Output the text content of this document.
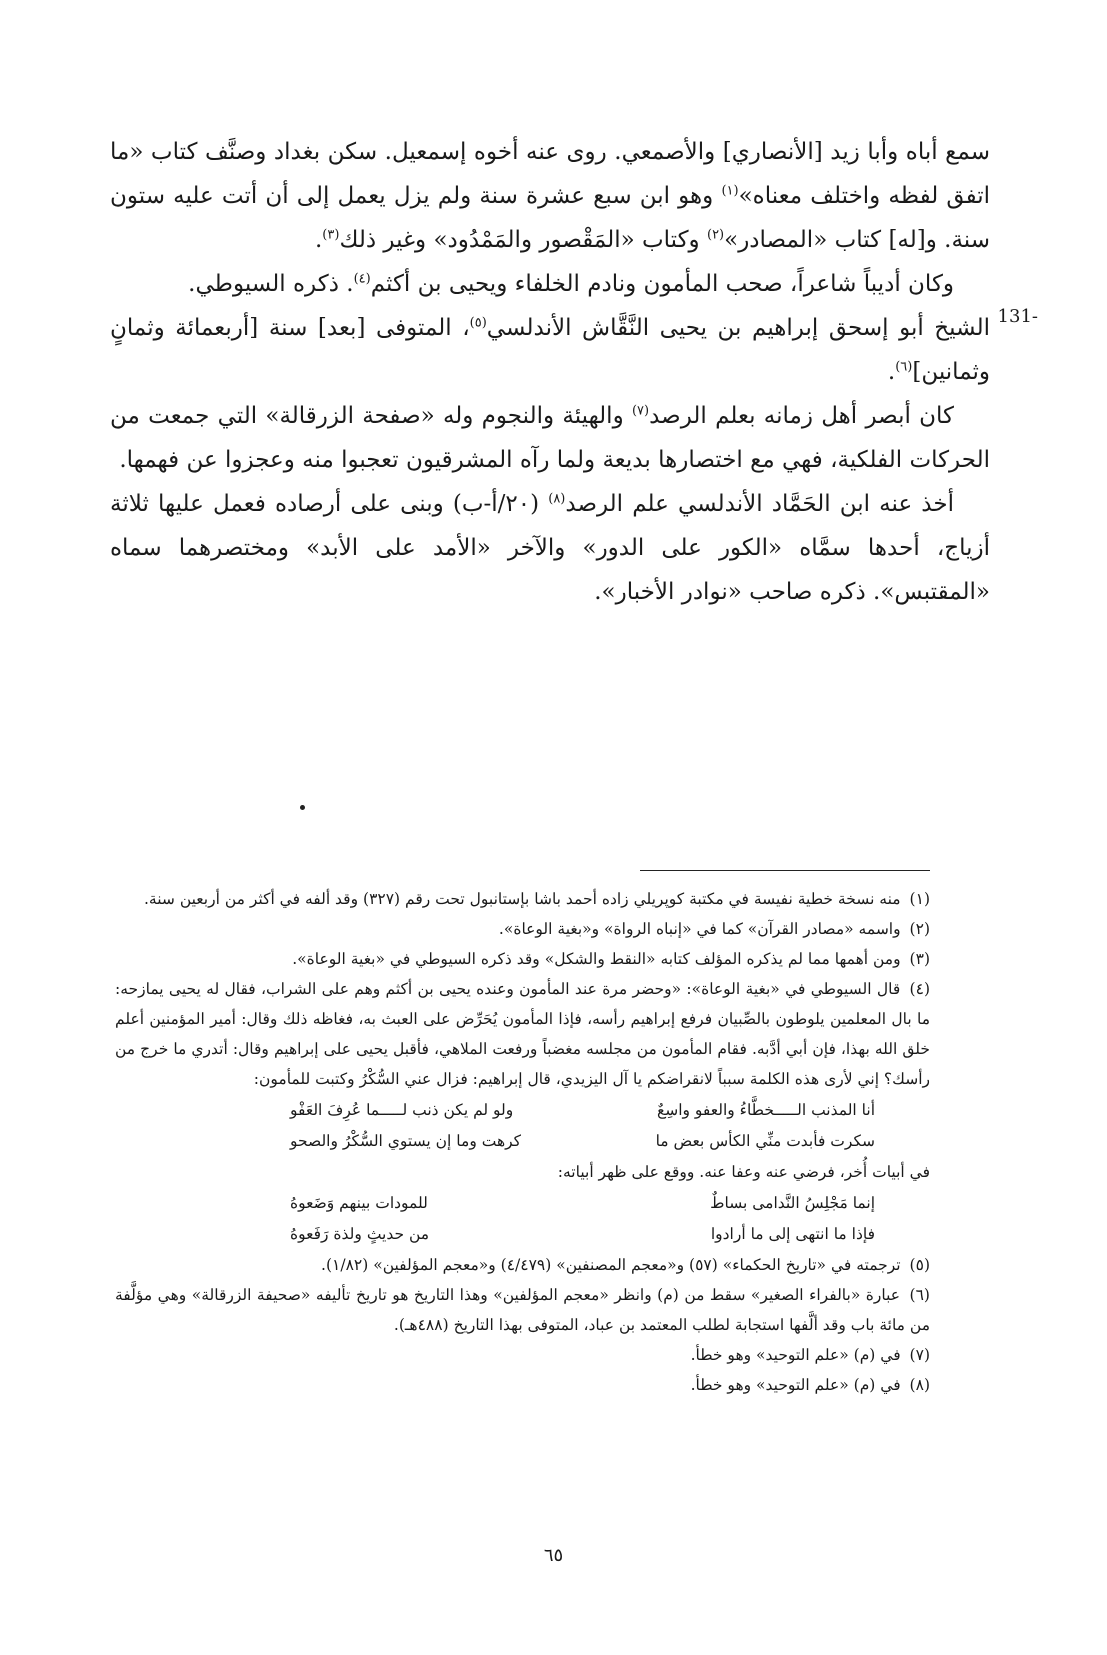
سمع أباه وأبا زيد [الأنصاري] والأصمعي. روى عنه أخوه إسمعيل. سكن بغداد وصنَّف كتاب «ما اتفق لفظه واختلف معناه»$^{(١)}$ وهو ابن سبع عشرة سنة ولم يزل يعمل إلى أن أتت عليه ستون سنة. و[له] كتاب «المصادر»$^{(٢)}$ وكتاب «المَقْصور والمَمْدُود» وغير ذلك$^{(٣)}$.

وكان أديباً شاعراً، صحب المأمون ونادم الخلفاء ويحيى بن أكثم$^{(٤)}$. ذكره السيوطي.

131-

الشيخ أبو إسحق إبراهيم بن يحيى النَّقَّاش الأندلسي$^{(٥)}$، المتوفى [بعد] سنة [أربعمائة وثمانٍ وثمانين]$^{(٦)}$.

كان أبصر أهل زمانه بعلم الرصد$^{(٧)}$ والهيئة والنجوم وله «صفحة الزرقالة» التي جمعت من الحركات الفلكية، فهي مع اختصارها بديعة ولما رآه المشرقيون تعجبوا منه وعجزوا عن فهمها.

أخذ عنه ابن الحَمَّاد الأندلسي علم الرصد$^{(٨)}$ (٢٠/أ-ب) وبنى على أرصاده فعمل عليها ثلاثة أزياج، أحدها سمَّاه «الكور على الدور» والآخر «الأمد على الأبد» ومختصرهما سماه «المقتبس». ذكره صاحب «نوادر الأخبار».

(١) منه نسخة خطية نفيسة في مكتبة كوپريلي زاده أحمد باشا بإستانبول تحت رقم (٣٢٧) وقد ألفه في أكثر من أربعين سنة.

(٢) واسمه «مصادر القرآن» كما في «إنباه الرواة» و«بغية الوعاة».

(٣) ومن أهمها مما لم يذكره المؤلف كتابه «النقط والشكل» وقد ذكره السيوطي في «بغية الوعاة».

(٤) قال السيوطي في «بغية الوعاة»: «وحضر مرة عند المأمون وعنده يحيى بن أكثم وهم على الشراب، فقال له يحيى يمازحه: ما بال المعلمين يلوطون بالصِّبيان فرفع إبراهيم رأسه، فإذا المأمون يُحَرِّض على العبث به، فغاظه ذلك وقال: أمير المؤمنين أعلم خلق الله بهذا، فإن أبي أدَّبه. فقام المأمون من مجلسه مغضباً ورفعت الملاهي، فأقبل يحيى على إبراهيم وقال: أتدري ما خرج من رأسك؟ إني لأرى هذه الكلمة سبباً لانقراضكم يا آل اليزيدي، قال إبراهيم: فزال عني السُّكْرُ وكتبت للمأمون:

أنا المذنب الـــــخطَّاءُ والعفو واسِعٌ
ولو لم يكن ذنب لـــــما عُرِفَ العَفْو
سكرت فأبدت منِّي الكأس بعض ما
كرهت وما إن يستوي السُّكْرُ والصحو

في أبيات أُخر، فرضي عنه وعفا عنه. ووقع على ظهر أبياته:

إنما مَجْلِسُ النَّدامى بساطٌ
للمودات بينهم وَضَعوهُ
فإذا ما انتهى إلى ما أرادوا
من حديثٍ ولذة رَفَعوهُ

(٥) ترجمته في «تاريخ الحكماء» (٥٧) و«معجم المصنفين» (٤/٤٧٩) و«معجم المؤلفين» (١/٨٢).

(٦) عبارة «بالفراء الصغير» سقط من (م) وانظر «معجم المؤلفين» وهذا التاريخ هو تاريخ تأليفه «صحيفة الزرقالة» وهي مؤلَّفة من مائة باب وقد ألَّفها استجابة لطلب المعتمد بن عباد، المتوفى بهذا التاريخ (٤٨٨هـ).

(٧) في (م) «علم التوحيد» وهو خطأ.

(٨) في (م) «علم التوحيد» وهو خطأ.

٦٥
